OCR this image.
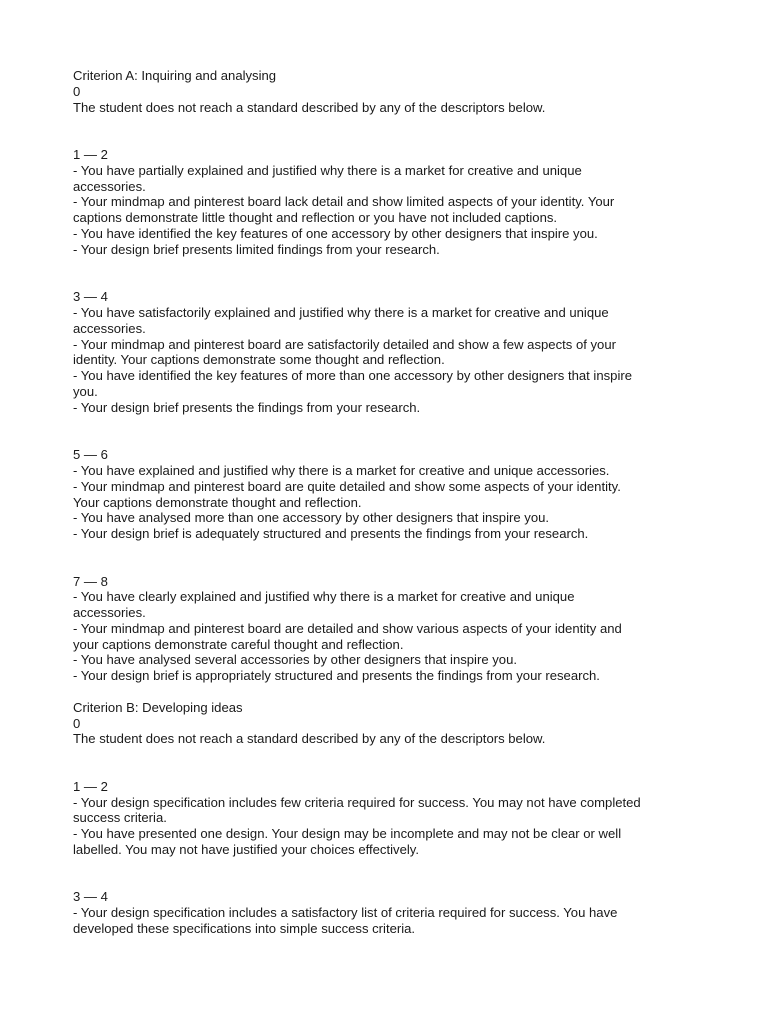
Criterion A: Inquiring and analysing
0
The student does not reach a standard described by any of the descriptors below.
1 — 2
- You have partially explained and justified why there is a market for creative and unique
accessories.
- Your mindmap and pinterest board lack detail and show limited aspects of your identity. Your
captions demonstrate little thought and reflection or you have not included captions.
- You have identified the key features of one accessory by other designers that inspire you.
- Your design brief presents limited findings from your research.
3 — 4
- You have satisfactorily explained and justified why there is a market for creative and unique
accessories.
- Your mindmap and pinterest board are satisfactorily detailed and show a few aspects of your
identity. Your captions demonstrate some thought and reflection.
- You have identified the key features of more than one accessory by other designers that inspire
you.
- Your design brief presents the findings from your research.
5 — 6
- You have explained and justified why there is a market for creative and unique accessories.
- Your mindmap and pinterest board are quite detailed and show some aspects of your identity.
Your captions demonstrate thought and reflection.
- You have analysed more than one accessory by other designers that inspire you.
- Your design brief is adequately structured and presents the findings from your research.
7 — 8
- You have clearly explained and justified why there is a market for creative and unique
accessories.
- Your mindmap and pinterest board are detailed and show various aspects of your identity and
your captions demonstrate careful thought and reflection.
- You have analysed several accessories by other designers that inspire you.
- Your design brief is appropriately structured and presents the findings from your research.
Criterion B: Developing ideas
0
The student does not reach a standard described by any of the descriptors below.
1 — 2
- Your design specification includes few criteria required for success. You may not have completed
success criteria.
- You have presented one design. Your design may be incomplete and may not be clear or well
labelled. You may not have justified your choices effectively.
3 — 4
- Your design specification includes a satisfactory list of criteria required for success. You have
developed these specifications into simple success criteria.
